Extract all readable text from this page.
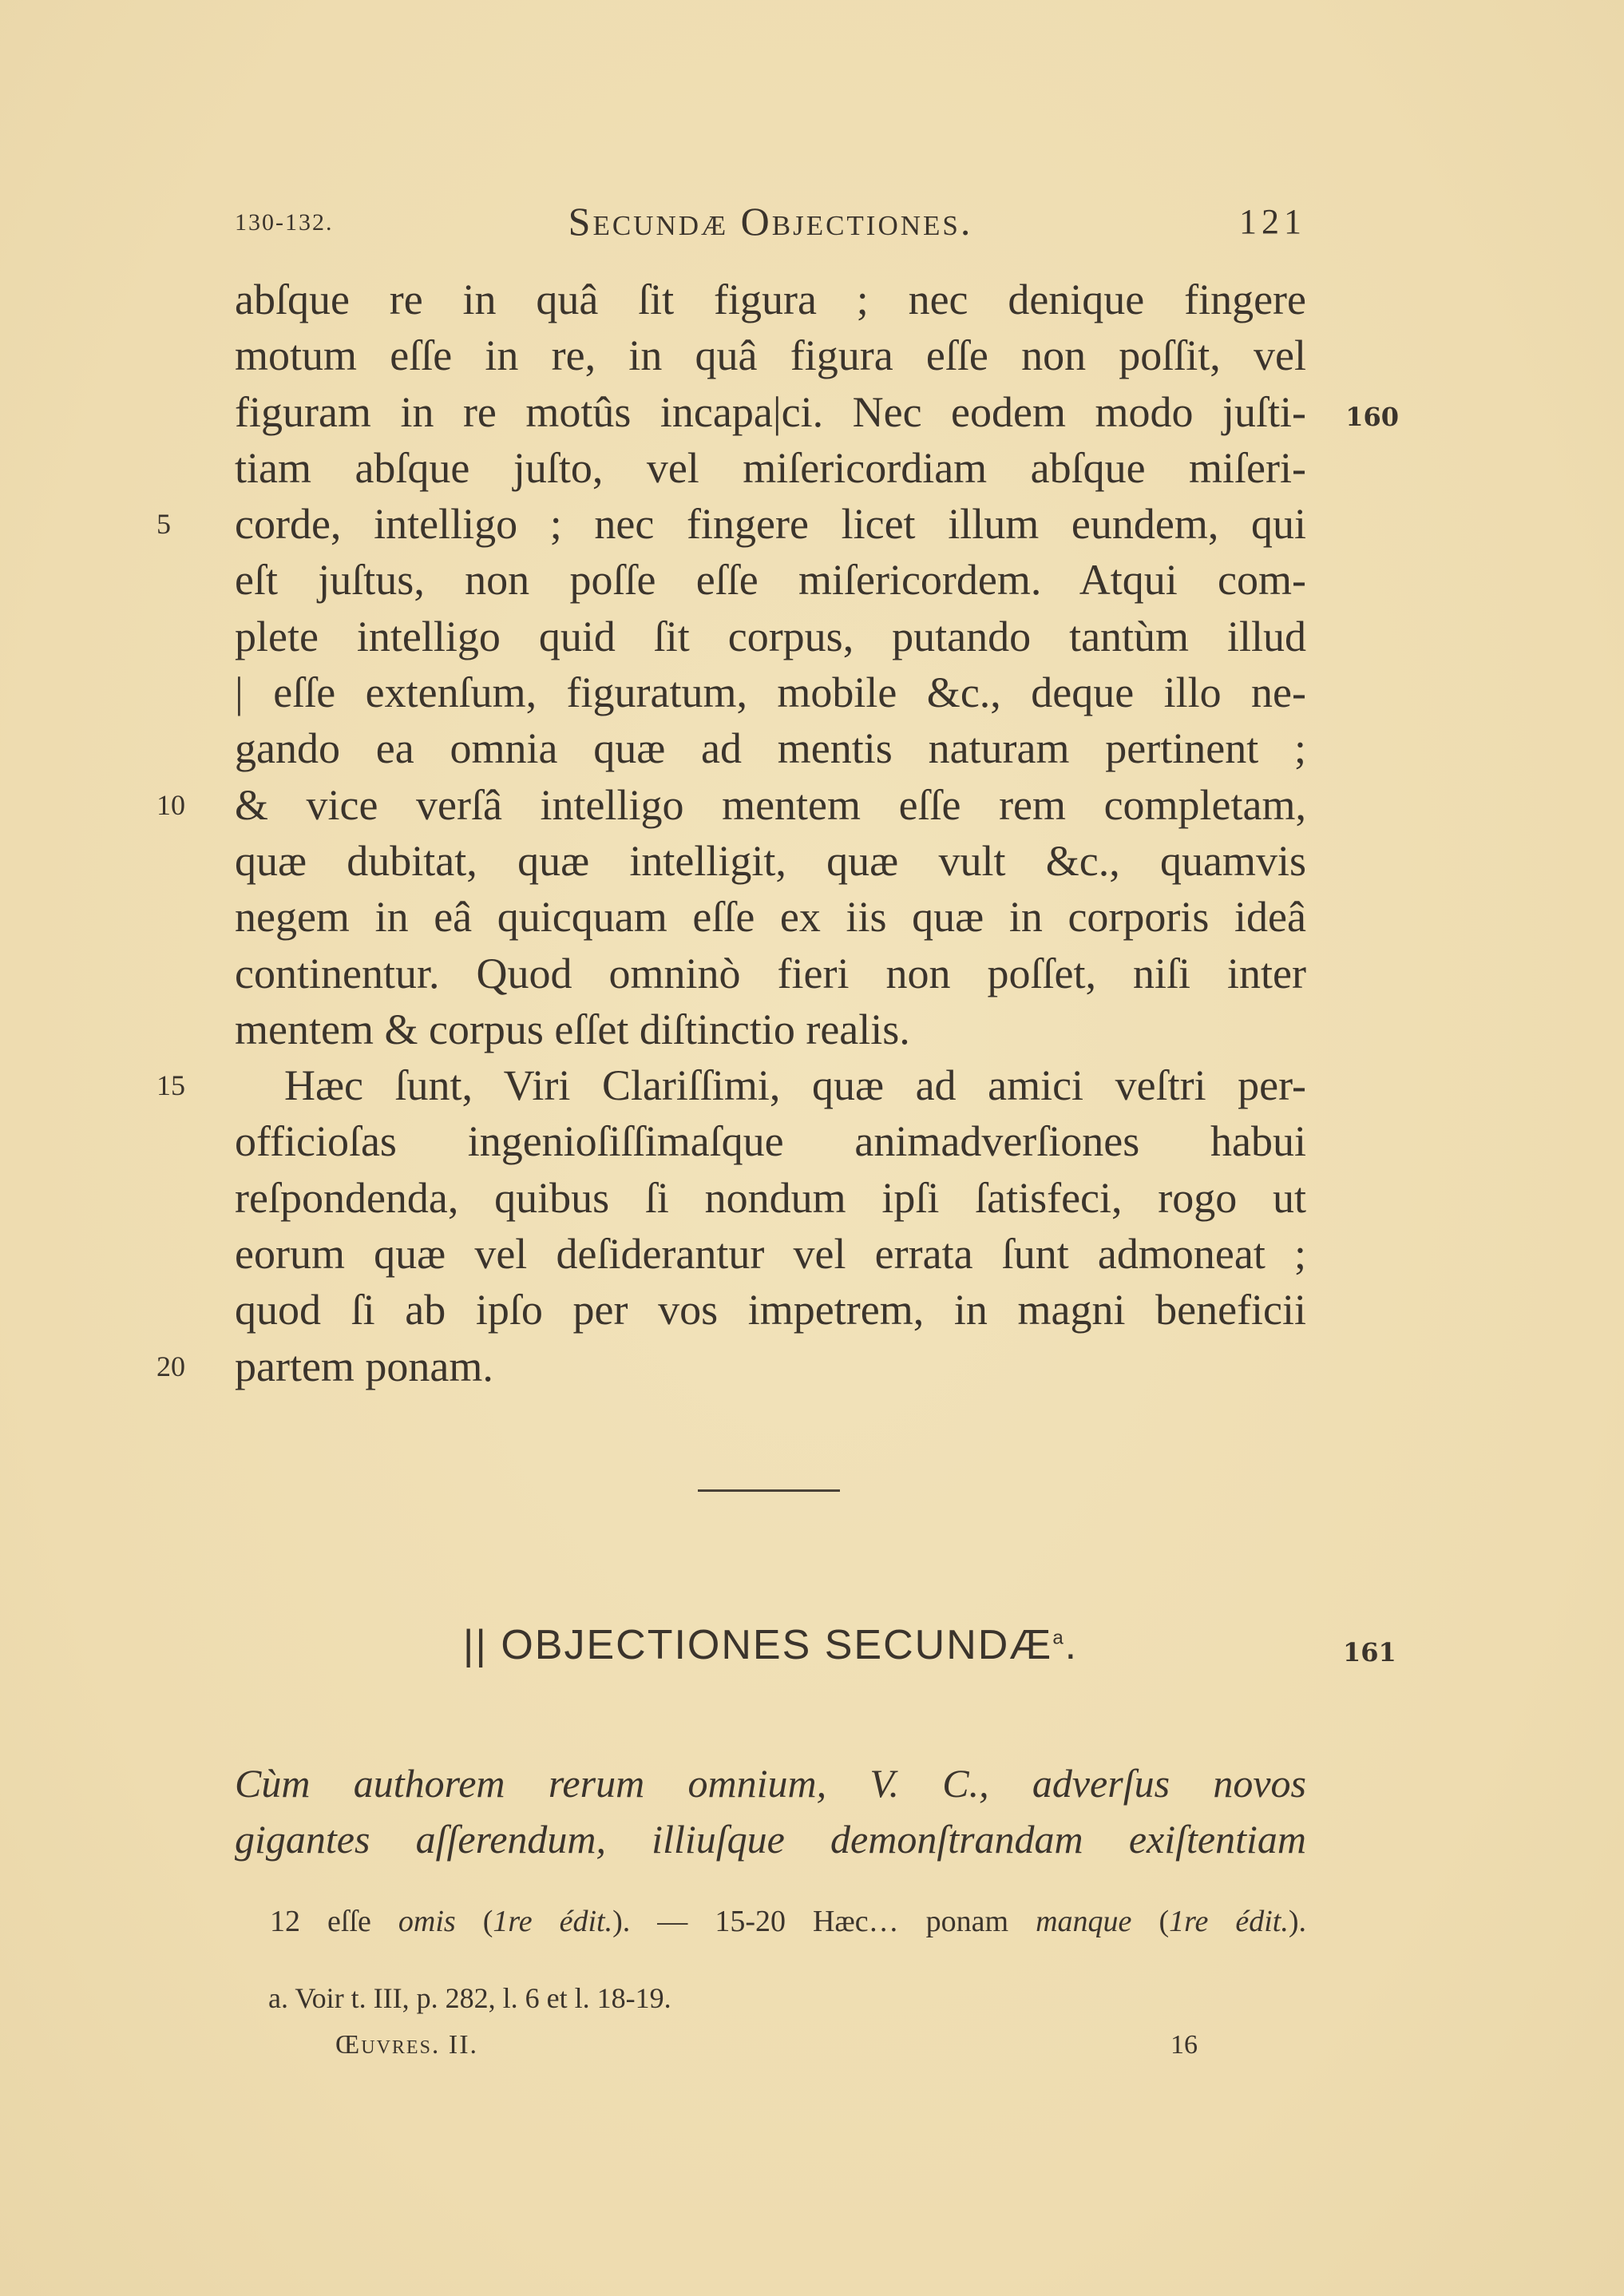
130-132.	Secundæ Objectiones.	121
abſque re in quâ ſit figura ; nec denique fingere
motum eſſe in re, in quâ figura eſſe non poſſit, vel
figuram in re motûs incapa|ci. Nec eodem modo juſti- 160
tiam abſque juſto, vel miſericordiam abſque miſeri-
5	corde, intelligo ; nec fingere licet illum eundem, qui
eſt juſtus, non poſſe eſſe miſericordem. Atqui com-
plete intelligo quid ſit corpus, putando tantùm illud
| eſſe extenſum, figuratum, mobile &c., deque illo ne-
gando ea omnia quæ ad mentis naturam pertinent ;
10	& vice verſâ intelligo mentem eſſe rem completam,
quæ dubitat, quæ intelligit, quæ vult &c., quamvis
negem in eâ quicquam eſſe ex iis quæ in corporis ideâ
continentur. Quod omninò fieri non poſſet, niſi inter
mentem & corpus eſſet diſtinctio realis.
15	Hæc ſunt, Viri Clariſſimi, quæ ad amici veſtri per-
officioſas ingenioſiſſimaſque animadverſiones habui
reſpondenda, quibus ſi nondum ipſi ſatisfeci, rogo ut
eorum quæ vel deſiderantur vel errata ſunt admoneat ;
quod ſi ab ipſo per vos impetrem, in magni beneficii
20	partem ponam.
|| OBJECTIONES SECUNDÆ$^a$.	161
Cùm authorem rerum omnium, V. C., adverſus novos
gigantes aſſerendum, illiuſque demonſtrandam exiſtentiam
12 eſſe omis (1re édit.). — 15-20 Hæc… ponam manque (1re édit.).
a. Voir t. III, p. 282, l. 6 et l. 18-19.
Œuvres. II.	16
